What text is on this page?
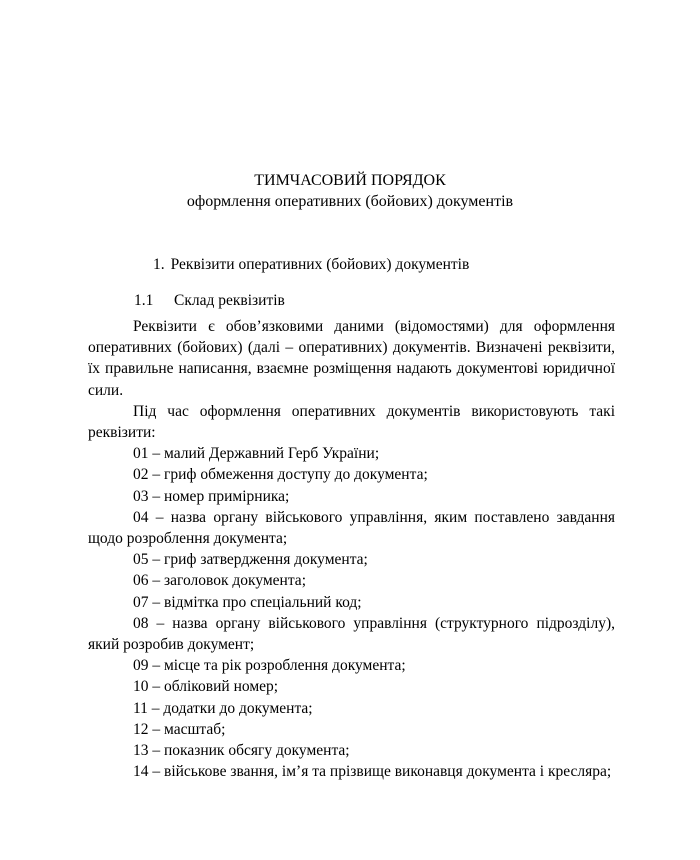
ТИМЧАСОВИЙ ПОРЯДОК
оформлення оперативних (бойових) документів
1. Реквізити оперативних (бойових) документів
1.1 Склад реквізитів

Реквізити є обов’язковими даними (відомостями) для оформлення оперативних (бойових) (далі – оперативних) документів. Визначені реквізити, їх правильне написання, взаємне розміщення надають документові юридичної сили.

Під час оформлення оперативних документів використовують такі реквізити:

01 – малий Державний Герб України;

02 – гриф обмеження доступу до документа;

03 – номер примірника;

04 – назва органу військового управління, яким поставлено завдання щодо розроблення документа;

05 – гриф затвердження документа;

06 – заголовок документа;

07 – відмітка про спеціальний код;

08 – назва органу військового управління (структурного підрозділу), який розробив документ;

09 – місце та рік розроблення документа;

10 – обліковий номер;

11 – додатки до документа;

12 – масштаб;

13 – показник обсягу документа;

14 – військове звання, ім’я та прізвище виконавця документа і кресляра;
